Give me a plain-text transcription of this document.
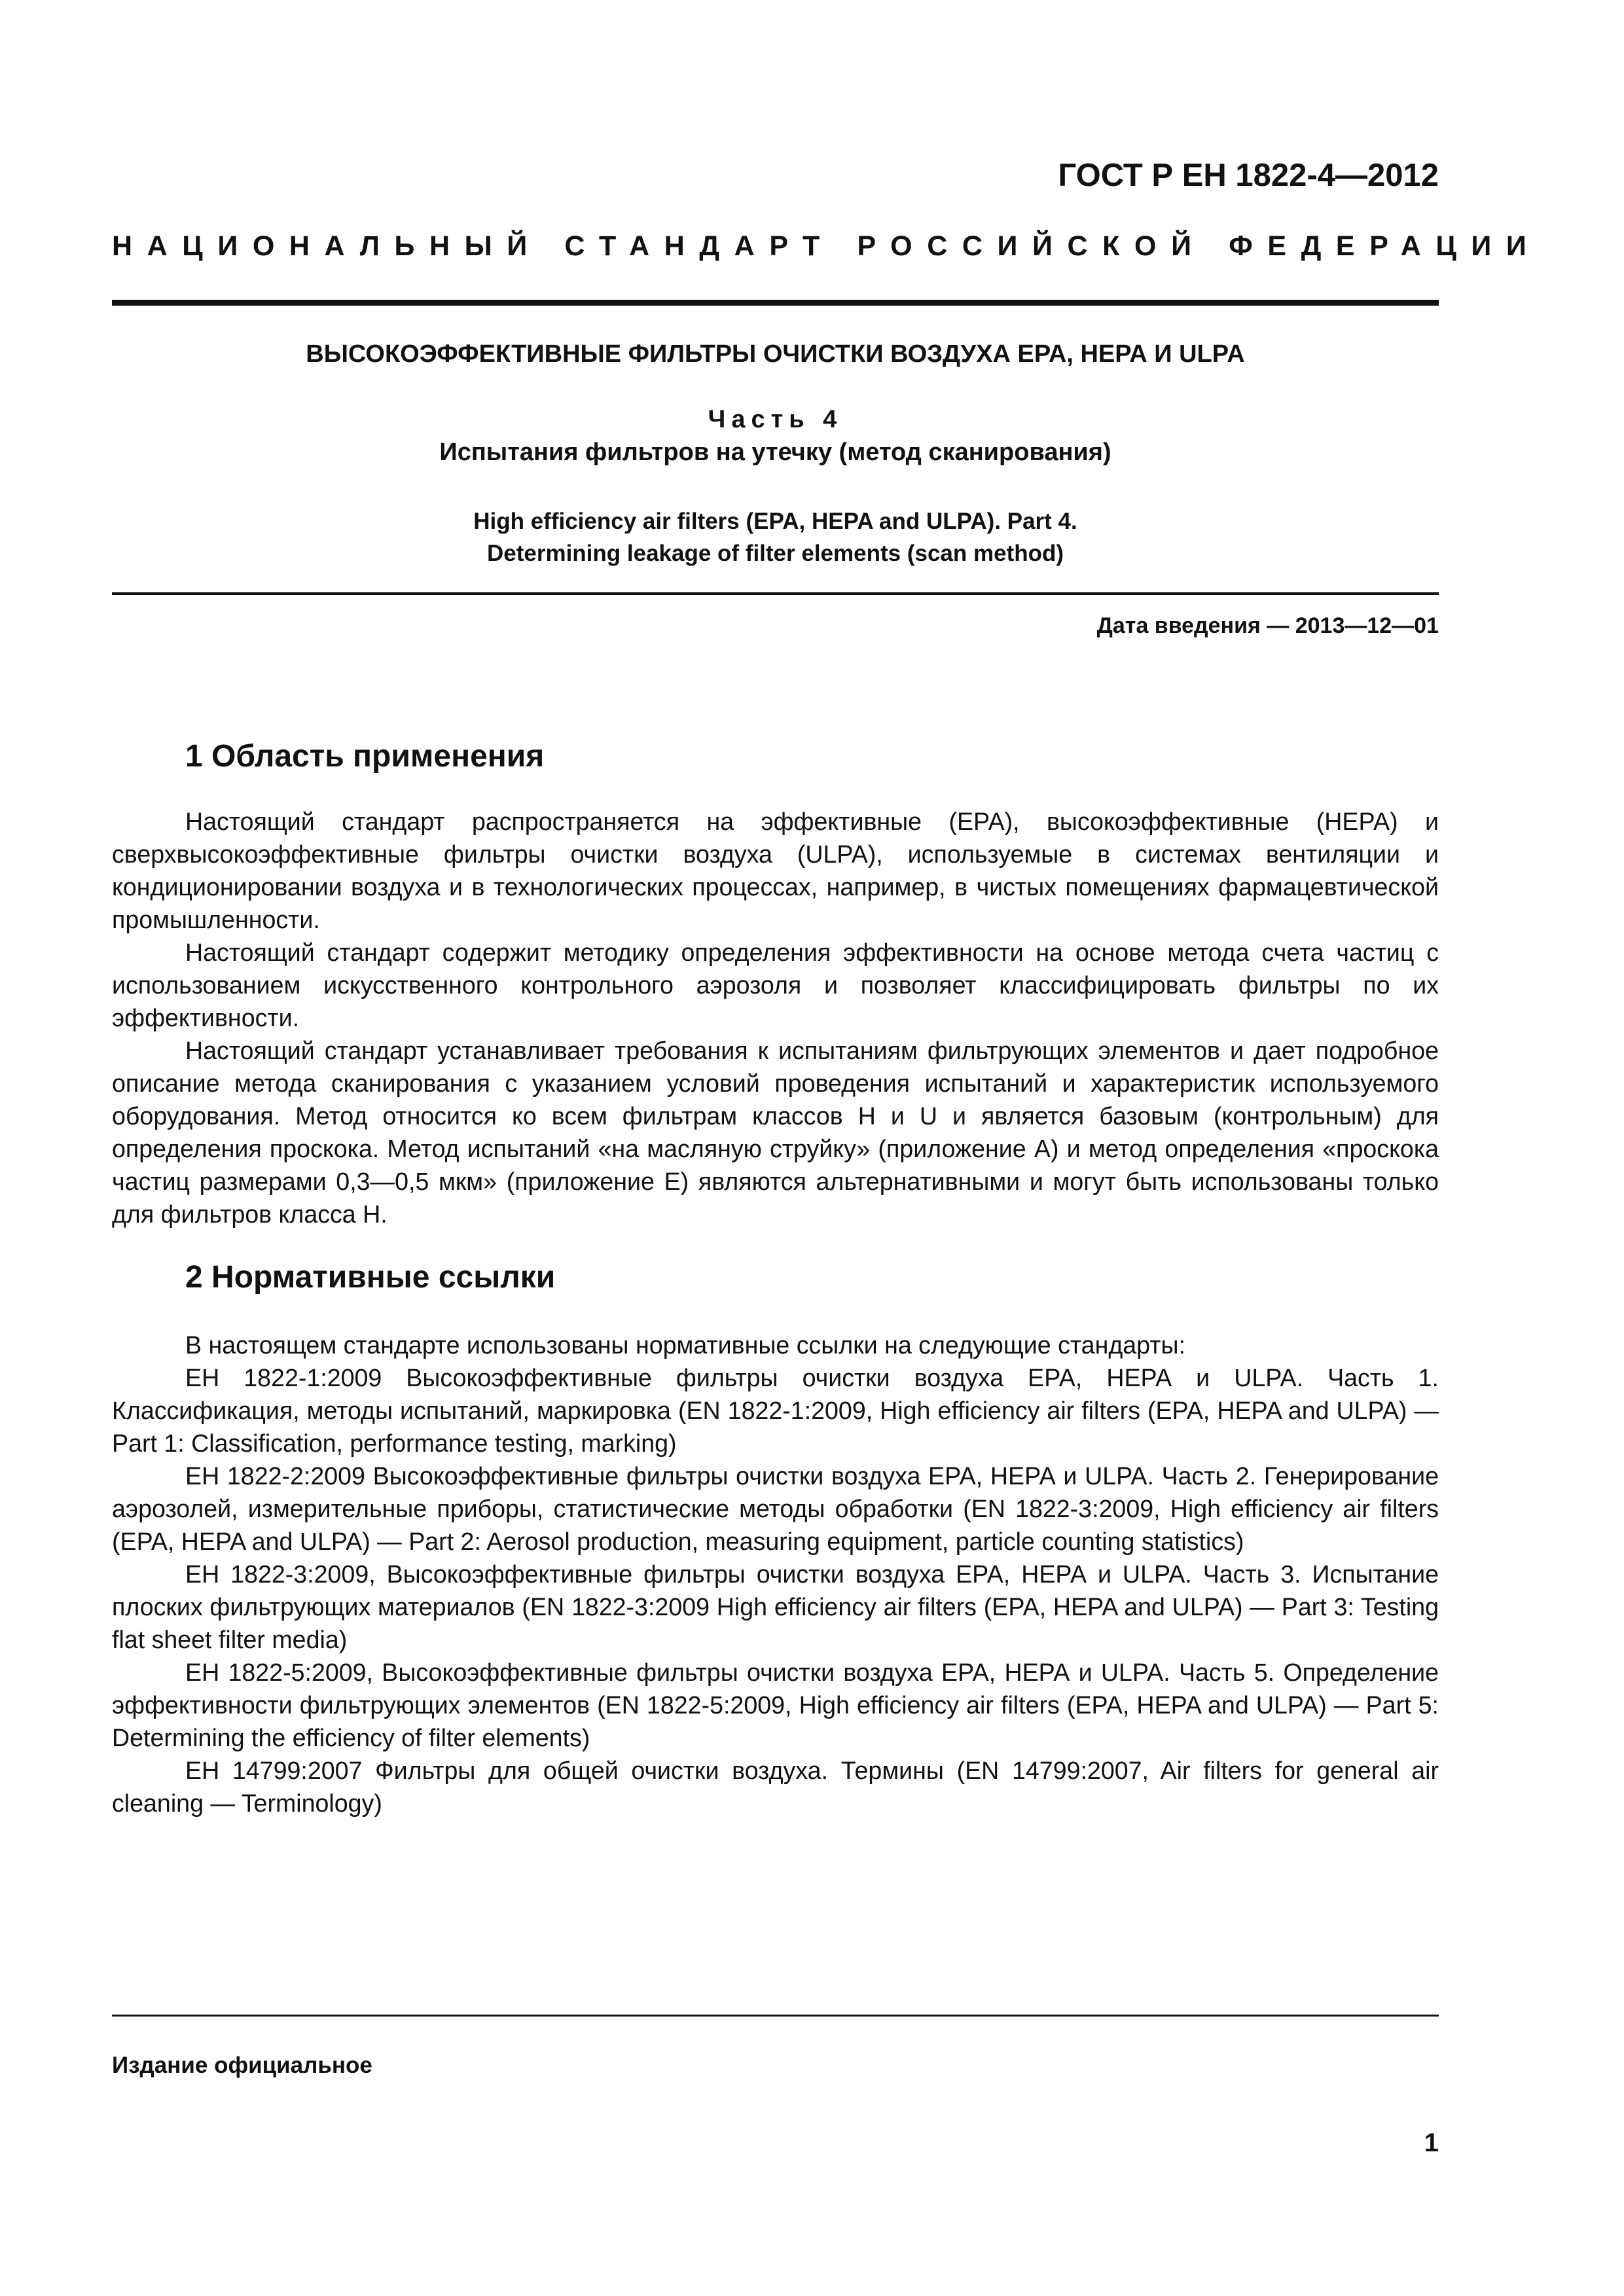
ГОСТ Р ЕН 1822-4—2012

НАЦИОНАЛЬНЫЙ СТАНДАРТ РОССИЙСКОЙ ФЕДЕРАЦИИ

ВЫСОКОЭФФЕКТИВНЫЕ ФИЛЬТРЫ ОЧИСТКИ ВОЗДУХА ЕРА, НЕРА И ULPA

Часть 4

Испытания фильтров на утечку (метод сканирования)

High efficiency air filters (EPA, HEPA and ULPA). Part 4.
Determining leakage of filter elements (scan method)

Дата введения — 2013—12—01

1 Область применения

Настоящий стандарт распространяется на эффективные (ЕРА), высокоэффективные (НЕРА) и сверхвысокоэффективные фильтры очистки воздуха (ULPA), используемые в системах вентиляции и кондиционировании воздуха и в технологических процессах, например, в чистых помещениях фармацевтической промышленности.

Настоящий стандарт содержит методику определения эффективности на основе метода счета частиц с использованием искусственного контрольного аэрозоля и позволяет классифицировать фильтры по их эффективности.

Настоящий стандарт устанавливает требования к испытаниям фильтрующих элементов и дает подробное описание метода сканирования с указанием условий проведения испытаний и характеристик используемого оборудования. Метод относится ко всем фильтрам классов Н и U и является базовым (контрольным) для определения проскока. Метод испытаний «на масляную струйку» (приложение А) и метод определения «проскока частиц размерами 0,3—0,5 мкм» (приложение Е) являются альтернативными и могут быть использованы только для фильтров класса Н.

2 Нормативные ссылки

В настоящем стандарте использованы нормативные ссылки на следующие стандарты:

ЕН 1822-1:2009 Высокоэффективные фильтры очистки воздуха ЕРА, НЕРА и ULPA. Часть 1. Классификация, методы испытаний, маркировка (EN 1822-1:2009, High efficiency air filters (EPA, HEPA and ULPA) — Part 1: Classification, performance testing, marking)

ЕН 1822-2:2009 Высокоэффективные фильтры очистки воздуха ЕРА, НЕРА и ULPA. Часть 2. Генерирование аэрозолей, измерительные приборы, статистические методы обработки (EN 1822-3:2009, High efficiency air filters (EPA, HEPA and ULPA) — Part 2: Aerosol production, measuring equipment, particle counting statistics)

ЕН 1822-3:2009, Высокоэффективные фильтры очистки воздуха ЕРА, НЕРА и ULPA. Часть 3. Испытание плоских фильтрующих материалов (EN 1822-3:2009 High efficiency air filters (EPA, HEPA and ULPA) — Part 3: Testing flat sheet filter media)

ЕН 1822-5:2009, Высокоэффективные фильтры очистки воздуха ЕРА, НЕРА и ULPA. Часть 5. Определение эффективности фильтрующих элементов (EN 1822-5:2009, High efficiency air filters (EPA, HEPA and ULPA) — Part 5: Determining the efficiency of filter elements)

ЕН 14799:2007 Фильтры для общей очистки воздуха. Термины (EN 14799:2007, Air filters for general air cleaning — Terminology)

Издание официальное

1
